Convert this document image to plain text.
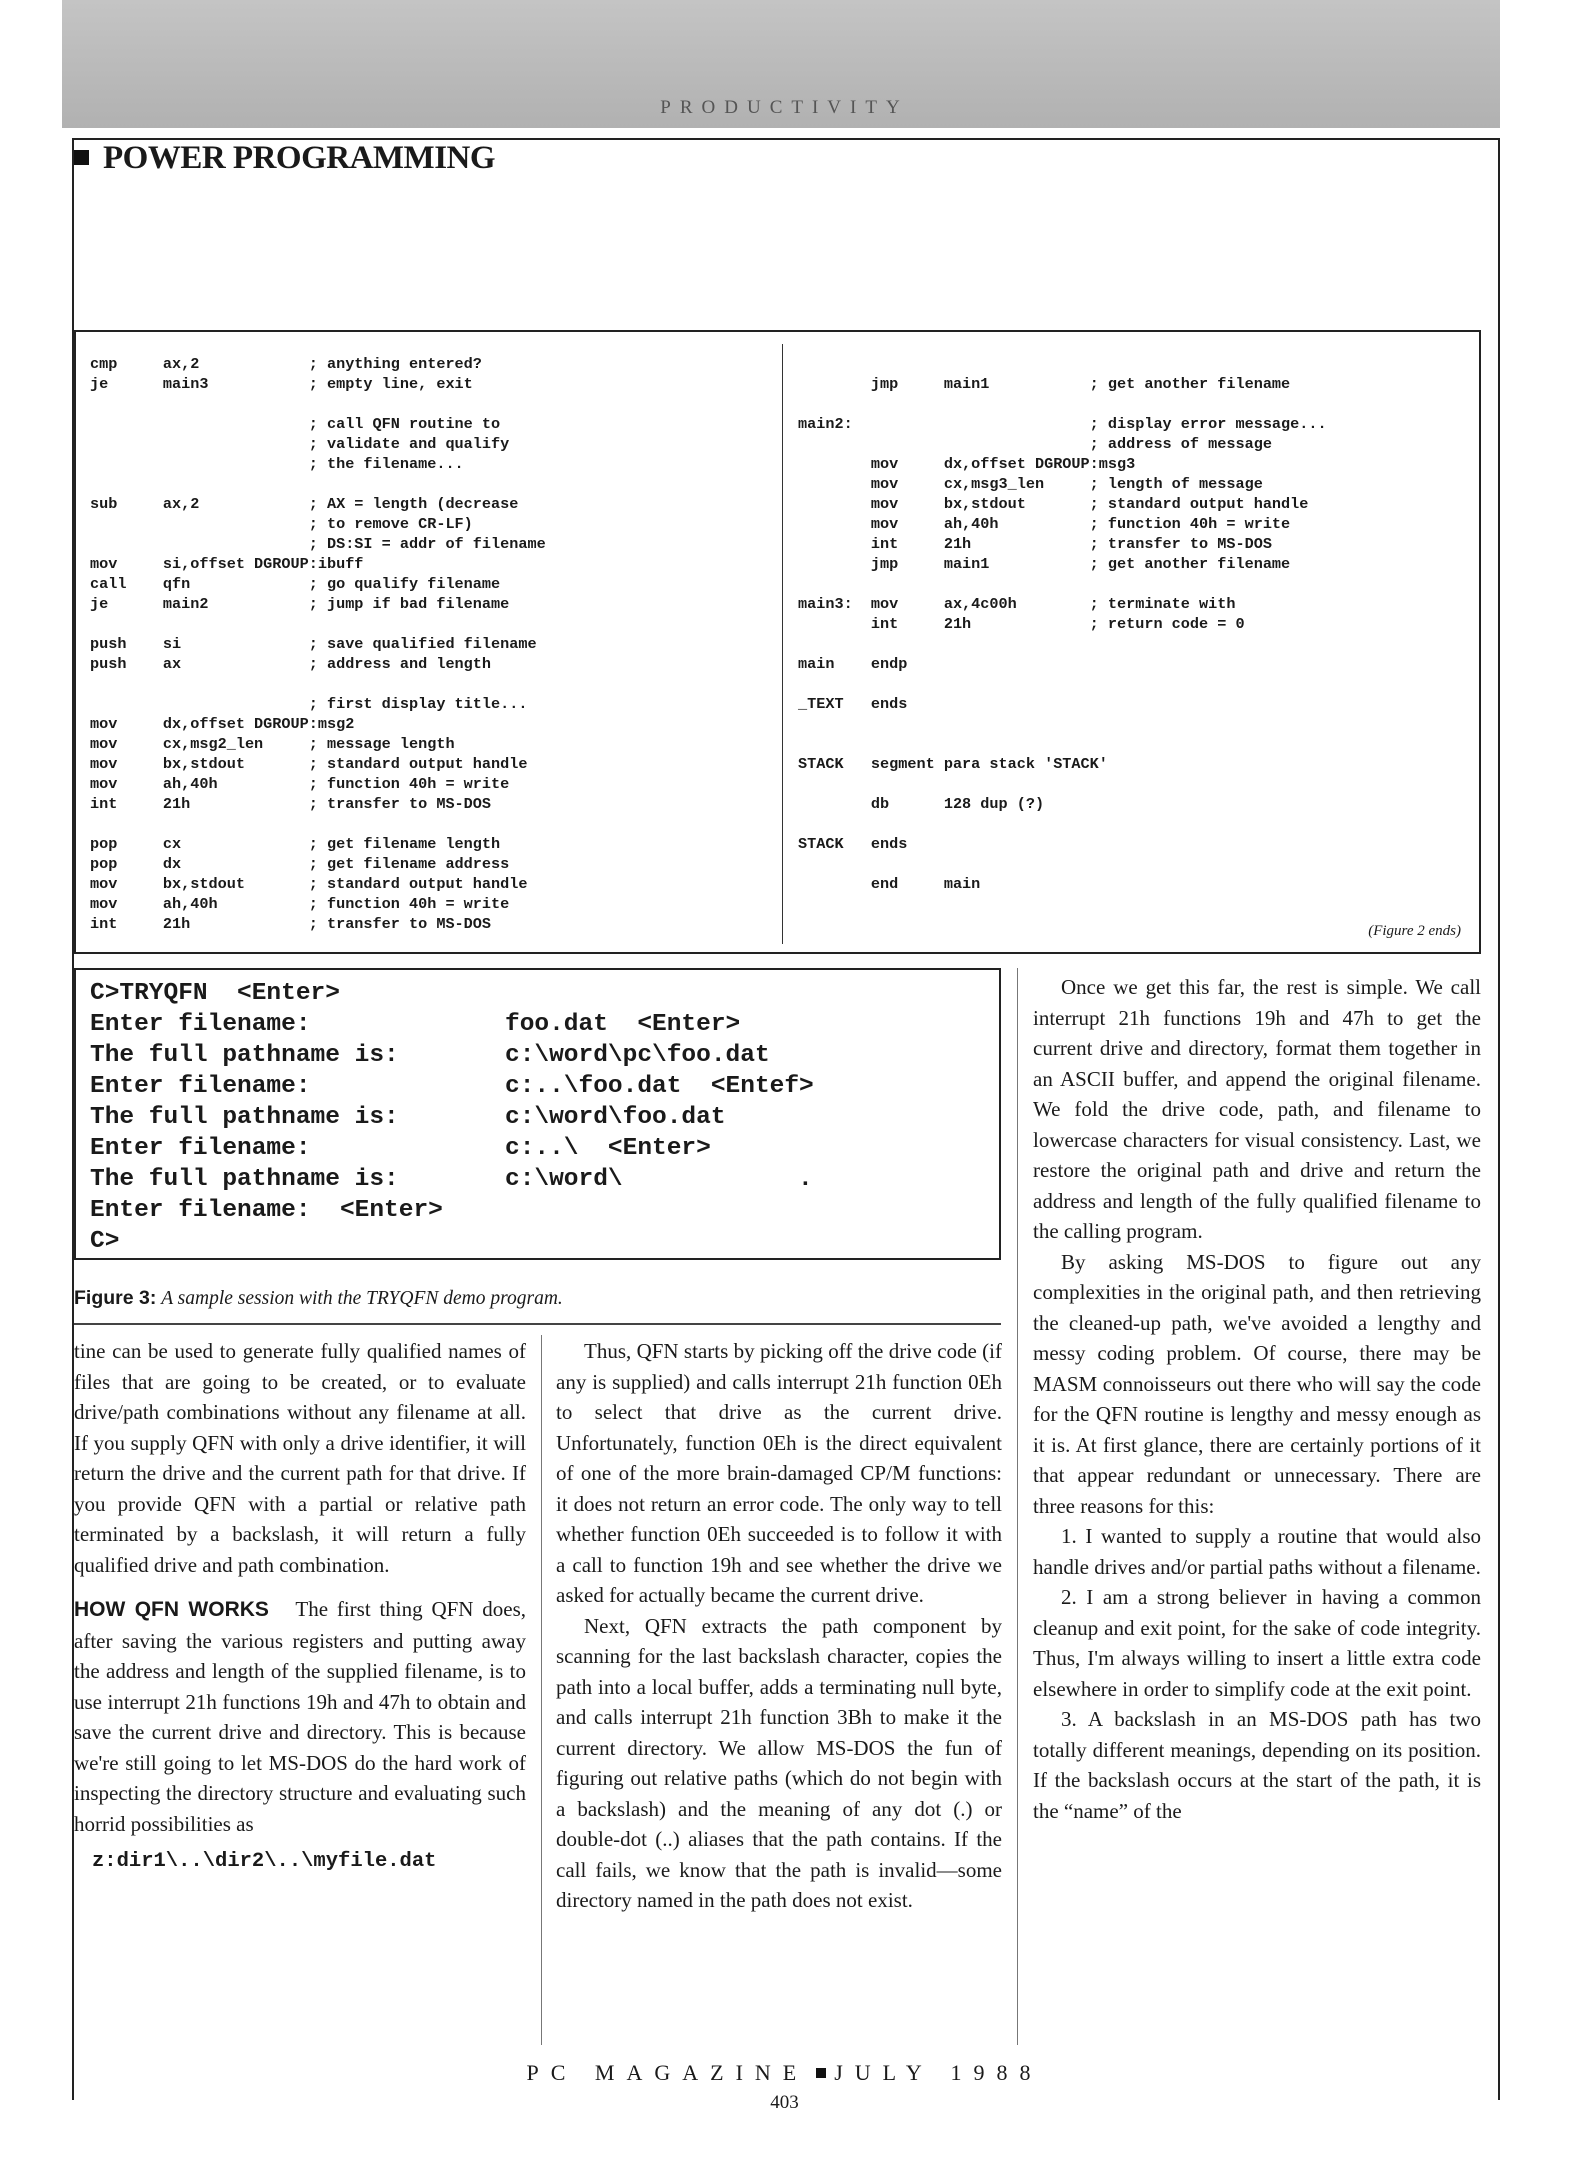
PRODUCTIVITY
POWER PROGRAMMING
cmp     ax,2            ; anything entered?
je      main3           ; empty line, exit
; call QFN routine to
; validate and qualify
; the filename...
sub     ax,2            ; AX = length (decrease
; to remove CR-LF)
; DS:SI = addr of filename
mov     si,offset DGROUP:ibuff
call    qfn             ; go qualify filename
je      main2           ; jump if bad filename
push    si              ; save qualified filename
push    ax              ; address and length
; first display title...
mov     dx,offset DGROUP:msg2
mov     cx,msg2_len     ; message length
mov     bx,stdout       ; standard output handle
mov     ah,40h          ; function 40h = write
int     21h             ; transfer to MS-DOS
pop     cx              ; get filename length
pop     dx              ; get filename address
mov     bx,stdout       ; standard output handle
mov     ah,40h          ; function 40h = write
int     21h             ; transfer to MS-DOS
jmp     main1           ; get another filename
main2:                          ; display error message...
; address of message
mov     dx,offset DGROUP:msg3
mov     cx,msg3_len     ; length of message
mov     bx,stdout       ; standard output handle
mov     ah,40h          ; function 40h = write
int     21h             ; transfer to MS-DOS
jmp     main1           ; get another filename
main3:  mov     ax,4c00h        ; terminate with
int     21h             ; return code = 0
main    endp
_TEXT   ends
STACK   segment para stack 'STACK'
db      128 dup (?)
STACK   ends
end     main
(Figure 2 ends)
C>TRYQFN  <Enter>
Enter filename:	foo.dat  <Enter>
The full pathname is:	c:\word\pc\foo.dat
Enter filename:	c:..\foo.dat  <Entef>
The full pathname is:	c:\word\foo.dat
Enter filename:	c:..\  <Enter>
The full pathname is:	c:\word\	.
Enter filename:  <Enter>
C>
Figure 3: A sample session with the TRYQFN demo program.

tine can be used to generate fully qualified names of files that are going to be created, or to evaluate drive/path combinations without any filename at all. If you supply QFN with only a drive identifier, it will return the drive and the current path for that drive. If you provide QFN with a partial or relative path terminated by a backslash, it will return a fully qualified drive and path combination.

HOW QFN WORKS The first thing QFN does, after saving the various registers and putting away the address and length of the supplied filename, is to use interrupt 21h functions 19h and 47h to obtain and save the current drive and directory. This is because we're still going to let MS-DOS do the hard work of inspecting the directory structure and evaluating such horrid possibilities as

z:dir1\..\dir2\..\myfile.dat

Thus, QFN starts by picking off the drive code (if any is supplied) and calls interrupt 21h function 0Eh to select that drive as the current drive. Unfortunately, function 0Eh is the direct equivalent of one of the more brain-damaged CP/M functions: it does not return an error code. The only way to tell whether function 0Eh succeeded is to follow it with a call to function 19h and see whether the drive we asked for actually became the current drive.

Next, QFN extracts the path component by scanning for the last backslash character, copies the path into a local buffer, adds a terminating null byte, and calls interrupt 21h function 3Bh to make it the current directory. We allow MS-DOS the fun of figuring out relative paths (which do not begin with a backslash) and the meaning of any dot (.) or double-dot (..) aliases that the path contains. If the call fails, we know that the path is invalid—some directory named in the path does not exist.

Once we get this far, the rest is simple. We call interrupt 21h functions 19h and 47h to get the current drive and directory, format them together in an ASCII buffer, and append the original filename. We fold the drive code, path, and filename to lowercase characters for visual consistency. Last, we restore the original path and drive and return the address and length of the fully qualified filename to the calling program.

By asking MS-DOS to figure out any complexities in the original path, and then retrieving the cleaned-up path, we've avoided a lengthy and messy coding problem. Of course, there may be MASM connoisseurs out there who will say the code for the QFN routine is lengthy and messy enough as it is. At first glance, there are certainly portions of it that appear redundant or unnecessary. There are three reasons for this:

1. I wanted to supply a routine that would also handle drives and/or partial paths without a filename.

2. I am a strong believer in having a common cleanup and exit point, for the sake of code integrity. Thus, I'm always willing to insert a little extra code elsewhere in order to simplify code at the exit point.

3. A backslash in an MS-DOS path has two totally different meanings, depending on its position. If the backslash occurs at the start of the path, it is the “name” of the

PC MAGAZINE JULY 1988
403
